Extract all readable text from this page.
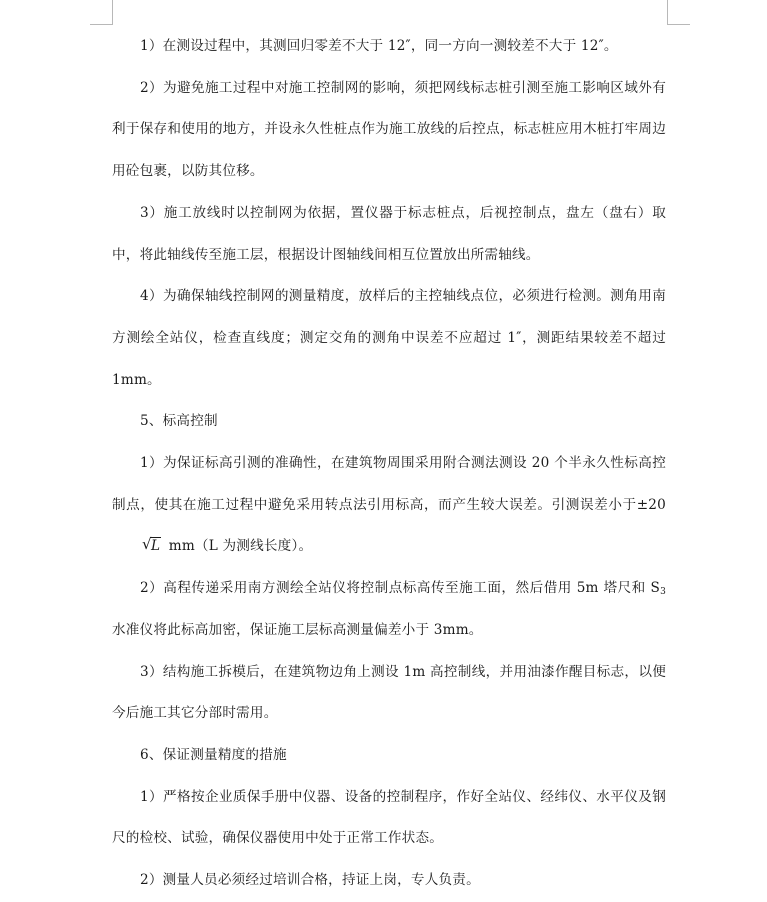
1）在测设过程中，其测回归零差不大于 12″，同一方向一测较差不大于 12″。

2）为避免施工过程中对施工控制网的影响，须把网线标志桩引测至施工影响区域外有利于保存和使用的地方，并设永久性桩点作为施工放线的后控点，标志桩应用木桩打牢周边用砼包裹，以防其位移。

3）施工放线时以控制网为依据，置仪器于标志桩点，后视控制点，盘左（盘右）取中，将此轴线传至施工层，根据设计图轴线间相互位置放出所需轴线。

4）为确保轴线控制网的测量精度，放样后的主控轴线点位，必须进行检测。测角用南方测绘全站仪，检查直线度；测定交角的测角中误差不应超过 1″，测距结果较差不超过 1mm。

5、标高控制

1）为保证标高引测的准确性，在建筑物周围采用附合测法测设 20 个半永久性标高控制点，使其在施工过程中避免采用转点法引用标高，而产生较大误差。引测误差小于±20
√ L mm（L 为测线长度）。

2）高程传递采用南方测绘全站仪将控制点标高传至施工面，然后借用 5m 塔尺和 $S_3$水准仪将此标高加密，保证施工层标高测量偏差小于 3mm。

3）结构施工拆模后，在建筑物边角上测设 1m 高控制线，并用油漆作醒目标志，以便今后施工其它分部时需用。

6、保证测量精度的措施

1）严格按企业质保手册中仪器、设备的控制程序，作好全站仪、经纬仪、水平仪及钢尺的检校、试验，确保仪器使用中处于正常工作状态。

2）测量人员必须经过培训合格，持证上岗，专人负责。
